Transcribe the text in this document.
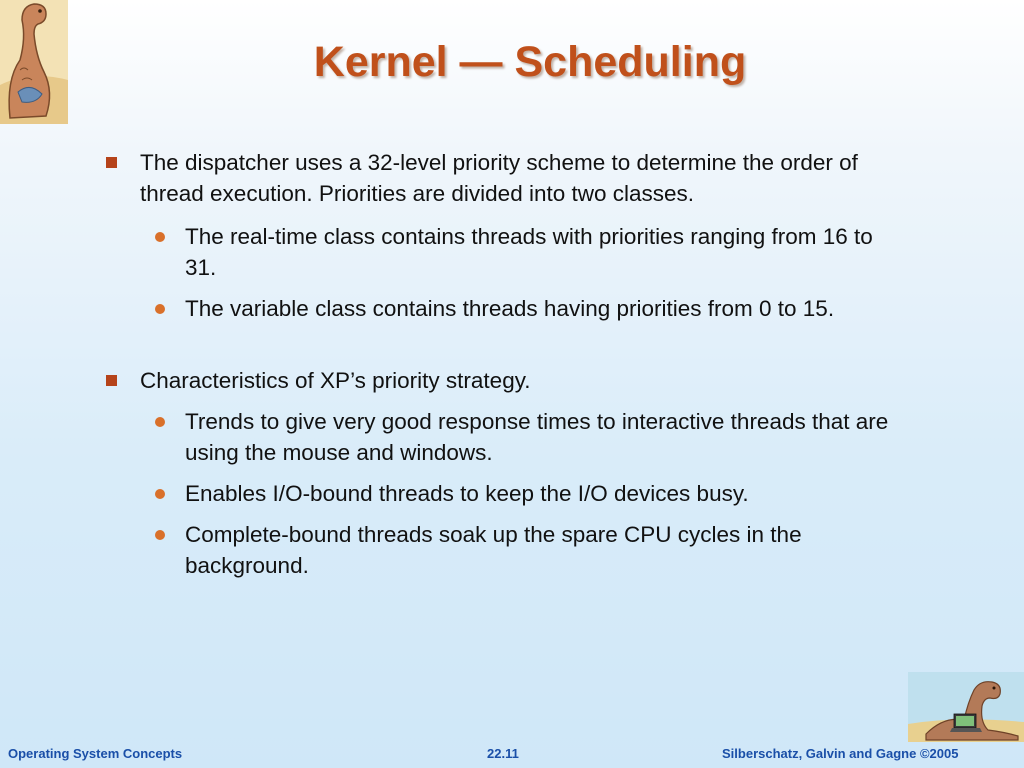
Kernel — Scheduling
The dispatcher uses a 32-level priority scheme to determine the order of thread execution. Priorities are divided into two classes.
The real-time class contains threads with priorities ranging from 16 to 31.
The variable class contains threads having priorities from 0 to 15.
Characteristics of XP’s priority strategy.
Trends to give very good response times to interactive threads that are using the mouse and windows.
Enables I/O-bound threads to keep the I/O devices busy.
Complete-bound threads soak up the spare CPU cycles in the background.
Operating System Concepts	22.11	Silberschatz, Galvin and Gagne ©2005
